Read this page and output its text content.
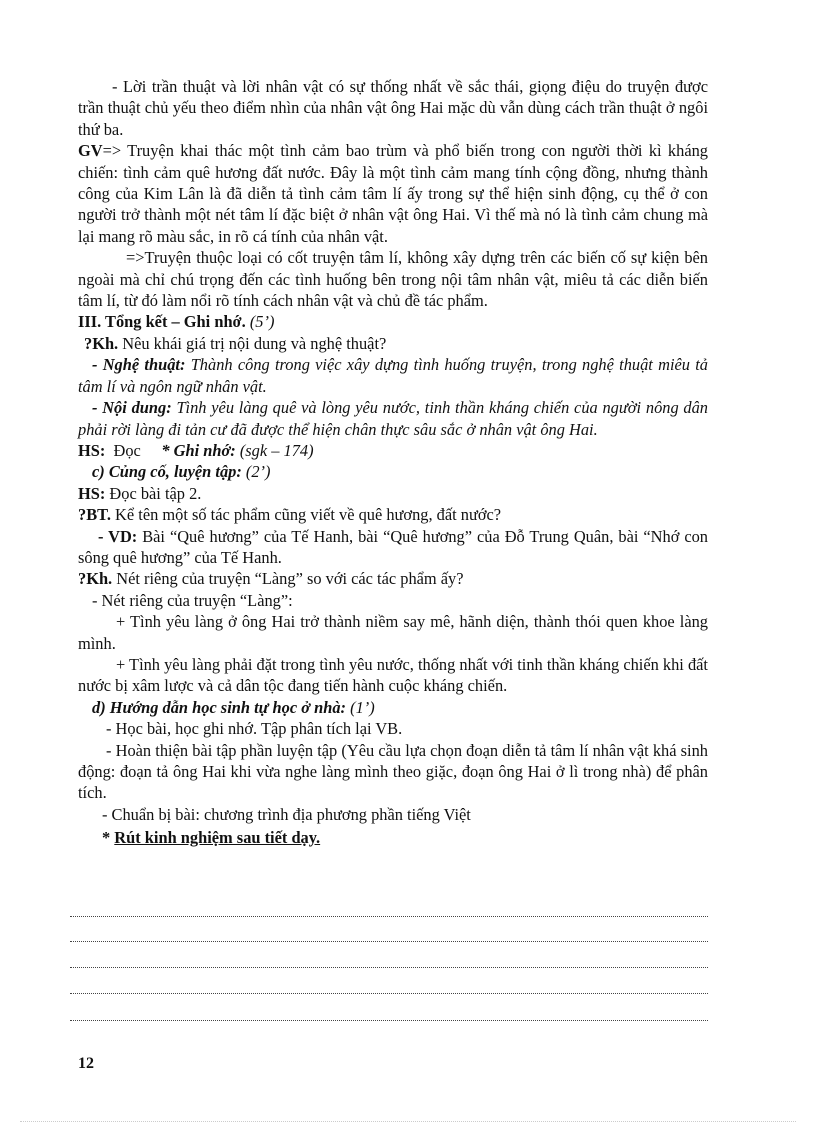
- Lời trần thuật và lời nhân vật có sự thống nhất về sắc thái, giọng điệu do truyện được trần thuật chủ yếu theo điểm nhìn của nhân vật ông Hai mặc dù vẫn dùng cách trần thuật ở ngôi thứ ba.

GV=> Truyện khai thác một tình cảm bao trùm và phổ biến trong con người thời kì kháng chiến: tình cảm quê hương đất nước. Đây là một tình cảm mang tính cộng đồng, nhưng thành công của Kim Lân là đã diễn tả tình cảm tâm lí ấy trong sự thể hiện sinh động, cụ thể ở con người trở thành một nét tâm lí đặc biệt ở nhân vật ông Hai. Vì thế mà nó là tình cảm chung mà lại mang rõ màu sắc, in rõ cá tính của nhân vật.

=>Truyện thuộc loại có cốt truyện tâm lí, không xây dựng trên các biến cố sự kiện bên ngoài mà chỉ chú trọng đến các tình huống bên trong nội tâm nhân vật, miêu tả các diễn biến tâm lí, từ đó làm nổi rõ tính cách nhân vật và chủ đề tác phẩm.

III. Tổng kết – Ghi nhớ. (5’)

?Kh. Nêu khái giá trị nội dung và nghệ thuật?

- Nghệ thuật: Thành công trong việc xây dựng tình huống truyện, trong nghệ thuật miêu tả tâm lí và ngôn ngữ nhân vật.

- Nội dung: Tình yêu làng quê và lòng yêu nước, tinh thần kháng chiến của người nông dân phải rời làng đi tản cư đã được thể hiện chân thực sâu sắc ở nhân vật ông Hai.

HS:  Đọc     * Ghi nhớ: (sgk – 174)

c) Củng cố, luyện tập: (2’)

HS: Đọc bài tập 2.

?BT. Kể tên một số tác phẩm cũng viết về quê hương, đất nước?

- VD: Bài “Quê hương” của Tế Hanh, bài “Quê hương” của Đỗ Trung Quân, bài “Nhớ con sông quê hương” của Tế Hanh.

?Kh. Nét riêng của truyện “Làng” so với các tác phẩm ấy?

- Nét riêng của truyện “Làng”:

+ Tình yêu làng ở ông Hai trở thành niềm say mê, hãnh diện, thành thói quen khoe làng mình.

+ Tình yêu làng phải đặt trong tình yêu nước, thống nhất với tinh thần kháng chiến khi đất nước bị xâm lược và cả dân tộc đang tiến hành cuộc kháng chiến.

d) Hướng dẫn học sinh tự học ở nhà: (1’)

- Học bài, học ghi nhớ. Tập phân tích lại VB.

- Hoàn thiện bài tập phần luyện tập (Yêu cầu lựa chọn đoạn diễn tả tâm lí nhân vật khá sinh động: đoạn tả ông Hai khi vừa nghe làng mình theo giặc, đoạn ông Hai ở lì trong nhà) để phân tích.

- Chuẩn bị bài: chương trình địa phương phần tiếng Việt

* Rút kinh nghiệm sau tiết dạy.

12
